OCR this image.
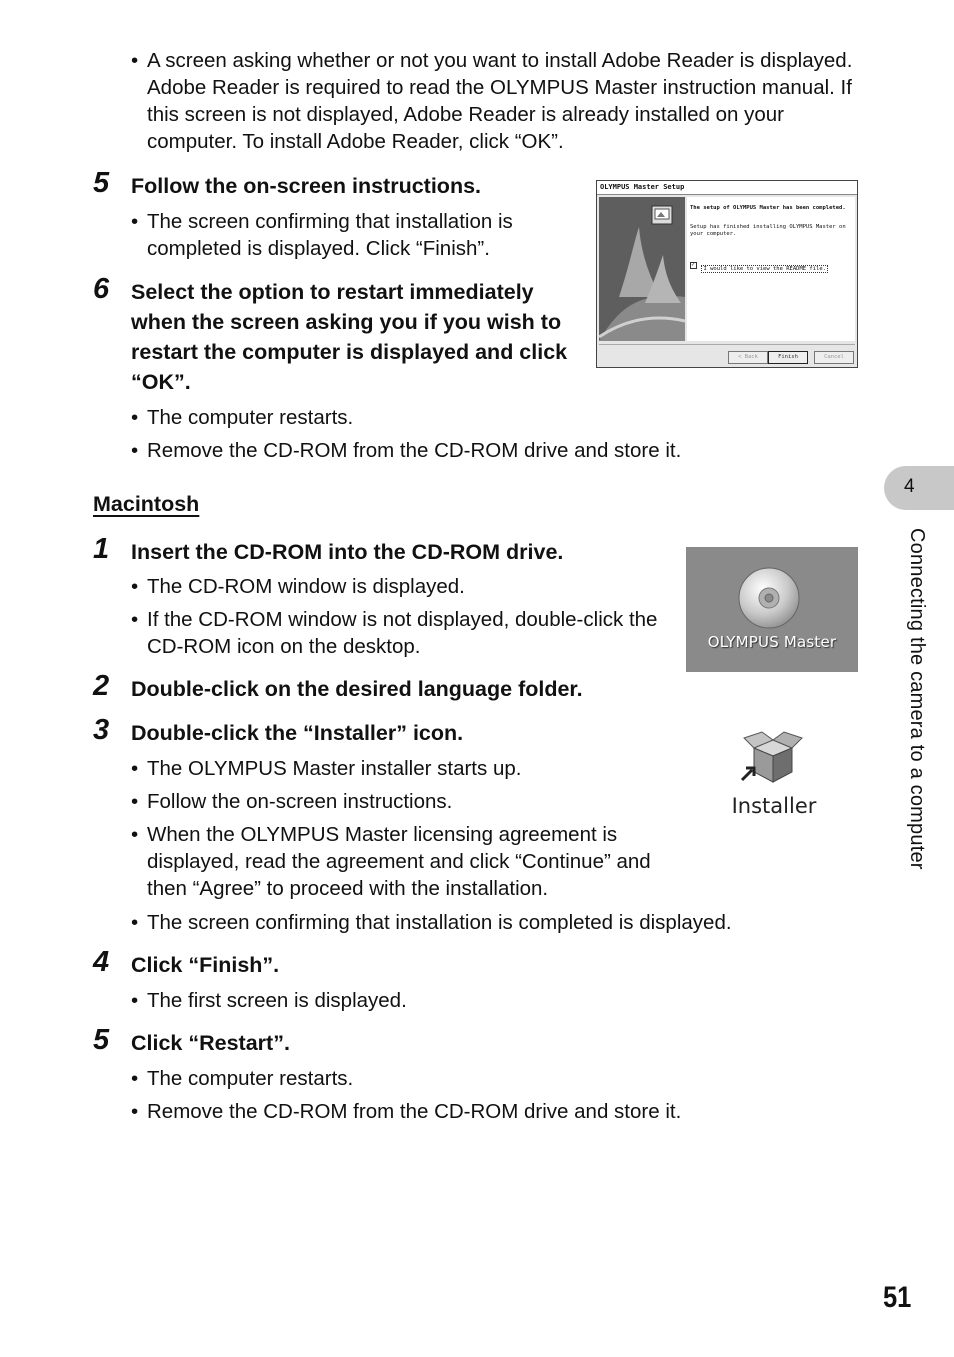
• A screen asking whether or not you want to install Adobe Reader is displayed. Adobe Reader is required to read the OLYMPUS Master instruction manual. If this screen is not displayed, Adobe Reader is already installed on your computer. To install Adobe Reader, click “OK”.
5 Follow the on-screen instructions.
• The screen confirming that installation is completed is displayed. Click “Finish”.
6 Select the option to restart immediately when the screen asking you if you wish to restart the computer is displayed and click “OK”.
• The computer restarts.
• Remove the CD-ROM from the CD-ROM drive and store it.
OLYMPUS Master Setup
The setup of OLYMPUS Master has been completed.
Setup has finished installing OLYMPUS Master on your computer.
✓ I would like to view the README file.
< Back	Finish	Cancel
Macintosh
1 Insert the CD-ROM into the CD-ROM drive.
• The CD-ROM window is displayed.
• If the CD-ROM window is not displayed, double-click the CD-ROM icon on the desktop.	OLYMPUS Master
2 Double-click on the desired language folder.
3 Double-click the “Installer” icon.
• The OLYMPUS Master installer starts up.
• Follow the on-screen instructions.
• When the OLYMPUS Master licensing agreement is displayed, read the agreement and click “Continue” and then “Agree” to proceed with the installation.
• The screen confirming that installation is completed is displayed.
Installer
4 Click “Finish”.
• The first screen is displayed.
5 Click “Restart”.
• The computer restarts.
• Remove the CD-ROM from the CD-ROM drive and store it.
4
Connecting the camera to a computer
51
